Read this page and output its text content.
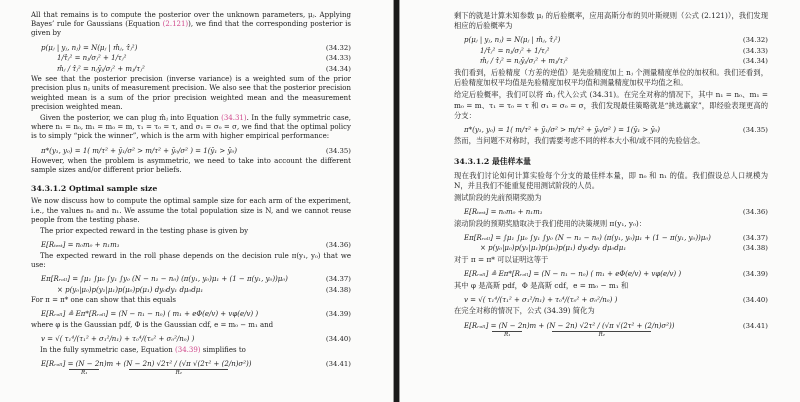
All that remains is to compute the posterior over the unknown parameters, μⱼ. Applying Bayes’ rule for Gaussians (Equation (2.121)), we find that the corresponding posterior is given by
p(μⱼ | yⱼ, nⱼ) = N(μⱼ | m̂ⱼ, τ̂ⱼ²)	(34.32)
1/τ̂ⱼ² = nⱼ/σⱼ² + 1/τⱼ²	(34.33)
m̂ⱼ / τ̂ⱼ² = nⱼȳⱼ/σⱼ² + mⱼ/τⱼ²	(34.34)
We see that the posterior precision (inverse variance) is a weighted sum of the prior precision plus nⱼ units of measurement precision. We also see that the posterior precision weighted mean is a sum of the prior precision weighted mean and the measurement precision weighted mean.
Given the posterior, we can plug m̂ⱼ into Equation (34.31). In the fully symmetric case, where n₁ = n₀, m₁ = m₀ = m, τ₁ = τ₀ = τ, and σ₁ = σ₀ = σ, we find that the optimal policy is to simply “pick the winner”, which is the arm with higher empirical performance:
π*(y₁, y₀) = 1( m/τ² + ȳ₁/σ² > m/τ² + ȳ₀/σ² ) = 1(ȳ₁ > ȳ₀)	(34.35)
However, when the problem is asymmetric, we need to take into account the different sample sizes and/or different prior beliefs.
34.3.1.2 Optimal sample size
We now discuss how to compute the optimal sample size for each arm of the experiment, i.e., the values n₀ and n₁. We assume the total population size is N, and we cannot reuse people from the testing phase.
The prior expected reward in the testing phase is given by
E[Rₜₑₛₜ] = n₀m₀ + n₁m₁	(34.36)
The expected reward in the roll phase depends on the decision rule π(y₁, y₀) that we use:
Eπ[Rᵣₒₗₗ] = ∫μ₁ ∫μ₀ ∫y₁ ∫y₀ (N − n₁ − n₀) (π(y₁, y₀)μ₁ + (1 − π(y₁, y₀))μ₀)	(34.37)
× p(y₀|μ₀)p(y₁|μ₁)p(μ₀)p(μ₁) dy₀dy₁ dμ₀dμ₁	(34.38)
For π = π* one can show that this equals
E[Rᵣₒₗₗ] ≜ Eπ*[Rᵣₒₗₗ] = (N − n₁ − n₀) ( m₁ + eΦ(e/v) + vφ(e/v) )	(34.39)
where φ is the Gaussian pdf, Φ is the Gaussian cdf, e = m₀ − m₁ and
v = √( τ₁⁴/(τ₁² + σ₁²/n₁) + τ₀⁴/(τ₀² + σ₀²/n₀) )	(34.40)
In the fully symmetric case, Equation (34.39) simplifies to
E[Rᵣₒₗₗ] = (N − 2n)m + (N − 2n) √2τ² / (√π √(2τ² + (2/n)σ²))	(34.41)
R̂₁	R̂₂
剩下的就是计算未知参数 μⱼ 的后验概率，应用高斯分布的贝叶斯规则（公式 (2.121)），我们发现相应的后验概率为
p(μⱼ | yⱼ, nⱼ) = N(μⱼ | m̂ⱼ, τ̂ⱼ²)	(34.32)
1/τ̂ⱼ² = nⱼ/σⱼ² + 1/τⱼ²	(34.33)
m̂ⱼ / τ̂ⱼ² = nⱼȳⱼ/σⱼ² + mⱼ/τⱼ²	(34.34)
我们看到，后验精度（方差的逆值）是先验精度加上 nⱼ 个测量精度单位的加权和。我们还看到，后验精度加权平均值是先验精度加权平均值和测量精度加权平均值之和。
给定后验概率，我们可以将 m̂ⱼ 代入公式 (34.31)。在完全对称的情况下，其中 n₁ = n₀、m₁ = m₀ = m、τ₁ = τ₀ = τ 和 σ₁ = σ₀ = σ，我们发现最佳策略就是“挑选赢家”，即经验表现更高的分支：
π*(y₁, y₀) = 1( m/τ² + ȳ₁/σ² > m/τ² + ȳ₀/σ² ) = 1(ȳ₁ > ȳ₀)	(34.35)
然而，当问题不对称时，我们需要考虑不同的样本大小和/或不同的先验信念。
34.3.1.2 最佳样本量
现在我们讨论如何计算实验每个分支的最佳样本量，即 n₀ 和 n₁ 的值。我们假设总人口规模为 N，并且我们不能重复使用测试阶段的人员。
测试阶段的先前预期奖励为
E[Rₜₑₛₜ] = n₀m₀ + n₁m₁	(34.36)
滚动阶段的预期奖励取决于我们使用的决策规则 π(y₁, y₀)：
Eπ[Rᵣₒₗₗ] = ∫μ₁ ∫μ₀ ∫y₁ ∫y₀ (N − n₁ − n₀) (π(y₁, y₀)μ₁ + (1 − π(y₁, y₀))μ₀)	(34.37)
× p(y₀|μ₀)p(y₁|μ₁)p(μ₀)p(μ₁) dy₀dy₁ dμ₀dμ₁	(34.38)
对于 π = π* 可以证明这等于
E[Rᵣₒₗₗ] ≜ Eπ*[Rᵣₒₗₗ] = (N − n₁ − n₀) ( m₁ + eΦ(e/v) + vφ(e/v) )	(34.39)
其中 φ 是高斯 pdf，Φ 是高斯 cdf，e = m₀ − m₁ 和
v = √( τ₁⁴/(τ₁² + σ₁²/n₁) + τ₀⁴/(τ₀² + σ₀²/n₀) )	(34.40)
在完全对称的情况下，公式 (34.39) 简化为
E[Rᵣₒₗₗ] = (N − 2n)m + (N − 2n) √2τ² / (√π √(2τ² + (2/n)σ²))	(34.41)
R̂₁	R̂₂
